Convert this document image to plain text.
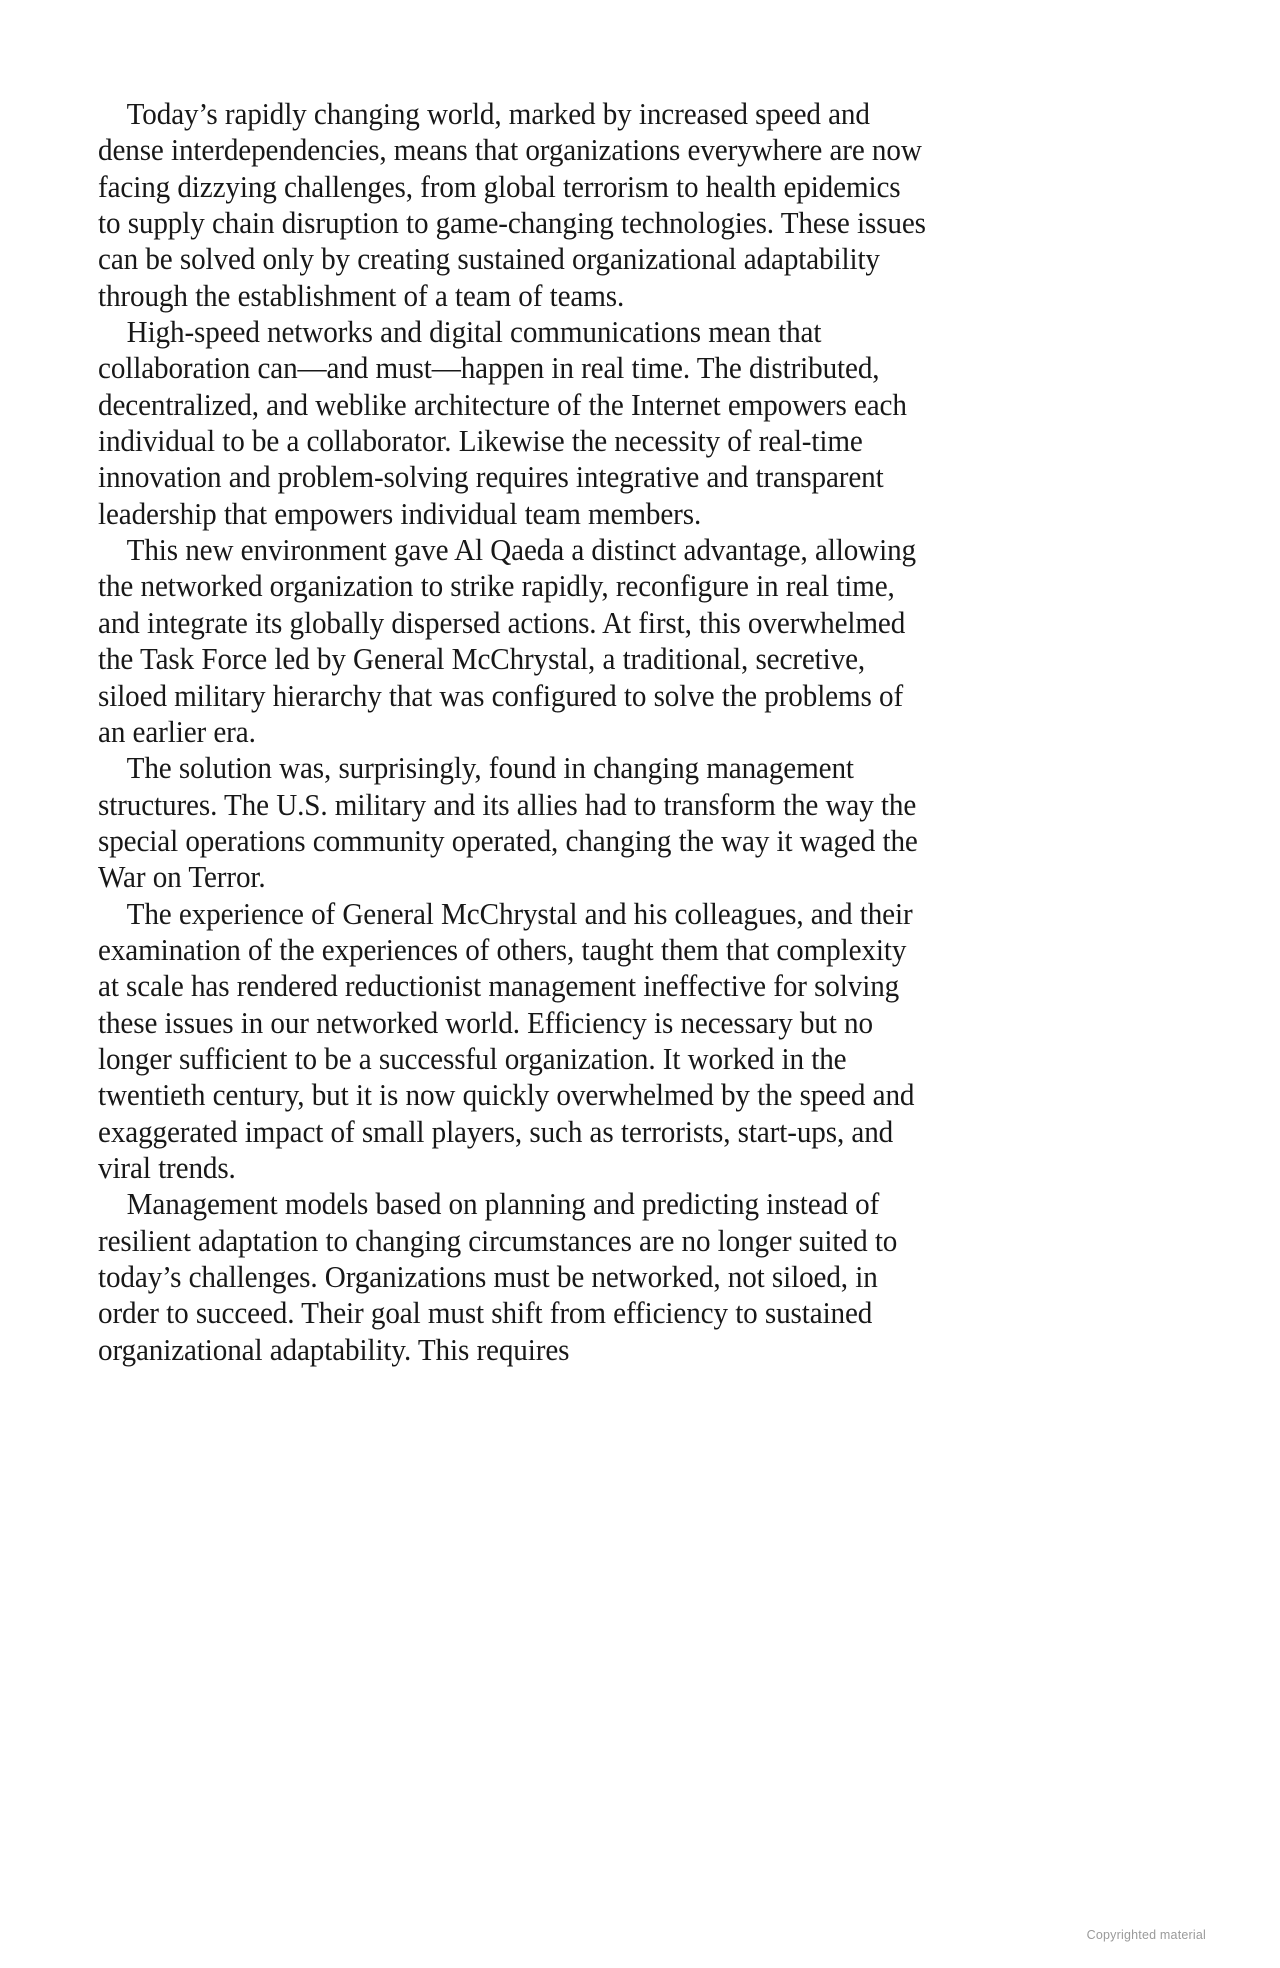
Today’s rapidly changing world, marked by increased speed and dense interdependencies, means that organizations everywhere are now facing dizzying challenges, from global terrorism to health epidemics to supply chain disruption to game-changing technologies. These issues can be solved only by creating sustained organizational adaptability through the establishment of a team of teams.

High-speed networks and digital communications mean that collaboration can—and must—happen in real time. The distributed, decentralized, and weblike architecture of the Internet empowers each individual to be a collaborator. Likewise the necessity of real-time innovation and problem-solving requires integrative and transparent leadership that empowers individual team members.

This new environment gave Al Qaeda a distinct advantage, allowing the networked organization to strike rapidly, reconfigure in real time, and integrate its globally dispersed actions. At first, this overwhelmed the Task Force led by General McChrystal, a traditional, secretive, siloed military hierarchy that was configured to solve the problems of an earlier era.

The solution was, surprisingly, found in changing management structures. The U.S. military and its allies had to transform the way the special operations community operated, changing the way it waged the War on Terror.

The experience of General McChrystal and his colleagues, and their examination of the experiences of others, taught them that complexity at scale has rendered reductionist management ineffective for solving these issues in our networked world. Efficiency is necessary but no longer sufficient to be a successful organization. It worked in the twentieth century, but it is now quickly overwhelmed by the speed and exaggerated impact of small players, such as terrorists, start-ups, and viral trends.

Management models based on planning and predicting instead of resilient adaptation to changing circumstances are no longer suited to today’s challenges. Organizations must be networked, not siloed, in order to succeed. Their goal must shift from efficiency to sustained organizational adaptability. This requires

Copyrighted material
